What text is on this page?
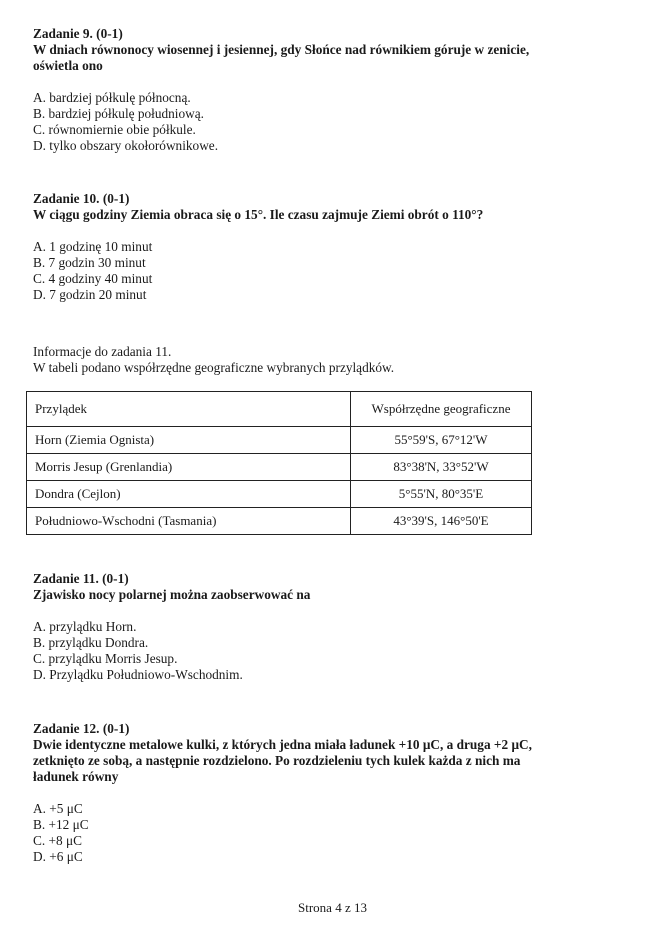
Zadanie 9. (0-1)

W dniach równonocy wiosennej i jesiennej, gdy Słońce nad równikiem góruje w zenicie,

oświetla ono

A. bardziej półkulę północną.
B. bardziej półkulę południową.
C. równomiernie obie półkule.
D. tylko obszary okołorównikowe.

Zadanie 10. (0-1)

W ciągu godziny Ziemia obraca się o 15°. Ile czasu zajmuje Ziemi obrót o 110°?

A. 1 godzinę 10 minut
B. 7 godzin 30 minut
C. 4 godziny 40 minut
D. 7 godzin 20 minut

Informacje do zadania 11.

W tabeli podano współrzędne geograficzne wybranych przylądków.

Przylądek	Współrzędne geograficzne
Horn (Ziemia Ognista)	55°59'S, 67°12'W
Morris Jesup (Grenlandia)	83°38'N, 33°52'W
Dondra (Cejlon)	5°55'N, 80°35'E
Południowo-Wschodni (Tasmania)	43°39'S, 146°50'E

Zadanie 11. (0-1)

Zjawisko nocy polarnej można zaobserwować na

A. przylądku Horn.
B. przylądku Dondra.
C. przylądku Morris Jesup.
D. Przylądku Południowo-Wschodnim.

Zadanie 12. (0-1)

Dwie identyczne metalowe kulki, z których jedna miała ładunek +10 μC, a druga +2 μC,

zetknięto ze sobą, a następnie rozdzielono. Po rozdzieleniu tych kulek każda z nich ma

ładunek równy

A. +5 μC
B. +12 μC
C. +8 μC
D. +6 μC
Strona 4 z 13
